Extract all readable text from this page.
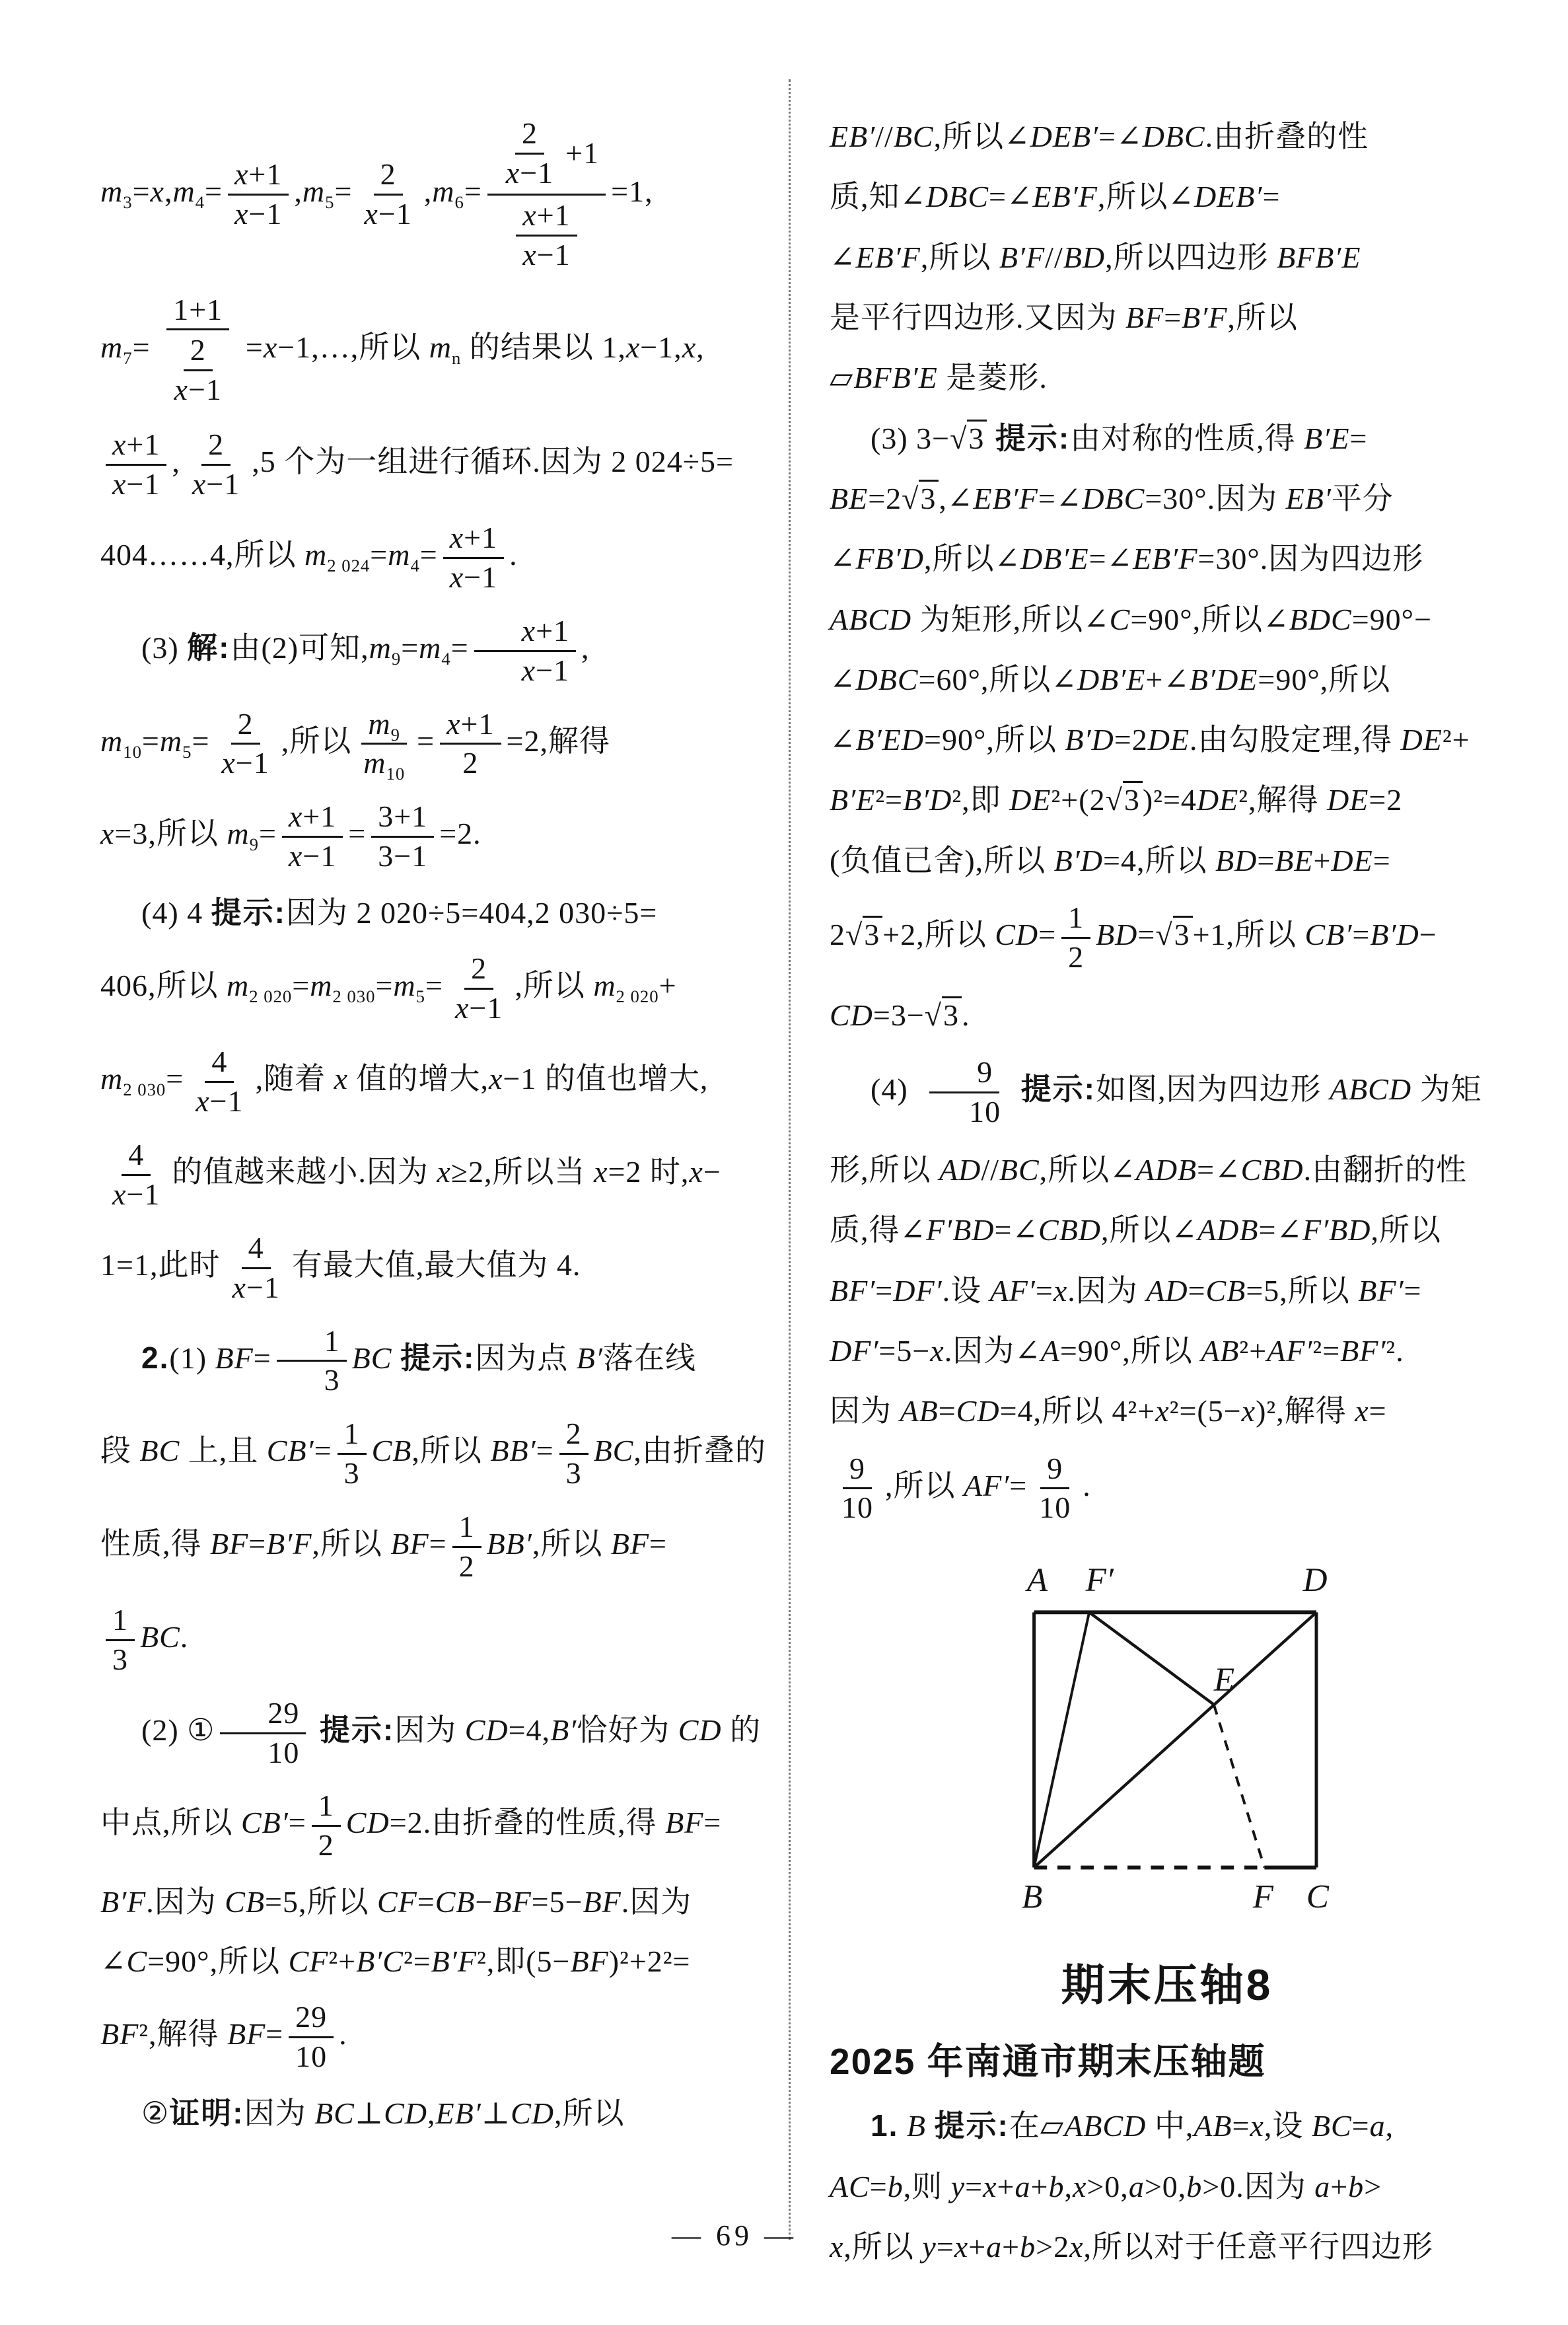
$m_3=x,m_4= \frac{x+1}{x-1} ,m_5= \frac{2}{x-1} ,m_6= \frac{\frac{2}{x-1} +1}{\frac{x+1}{x-1}} =1$,
$m_7= \frac{1+1}{\frac{2}{x-1}}$ =x−1,…,所以 $m_n$ 的结果以 1,x−1,x,
$\frac{x+1}{x-1}$ , $\frac{2}{x-1} ,5$ 个为一组进行循环.因为 2 024÷5=
404……4,所以 $m_{2 024}=m_4= \frac{x+1}{x-1}$ .
(3) 解:由(2)可知$,m_9=m_4= \frac{x+1}{x-1}$ ,
$m_{10}=m_5= \frac{2}{x-1}$ ,所以 $\frac{m_9}{m_{10}} = \frac{x+1}{2} =2$,解得
x=3,所以 $m_9= \frac{x+1}{x-1} = \frac{3+1}{3-1} =2$.
(4) 4 提示:因为 2 020÷5=404,2 030÷5=
406,所以 $m_{2 020}=m_{2 030}=m_5= \frac{2}{x-1}$ ,所以 $m_{2 020}+$
$m_{2 030}= \frac{4}{x-1}$ ,随着 x 值的增大,x−1 的值也增大,
$\frac{4}{x-1}$ 的值越来越小.因为 x≥2,所以当 x=2 时,x−
1=1,此时 $\frac{4}{x-1}$ 有最大值,最大值为 4.
2.(1) $BF= \frac{1}{3}$ BC 提示:因为点 B′落在线
段 BC 上,且 $CB'= \frac{1}{3}$ CB,所以 $BB'= \frac{2}{3}$ BC,由折叠的
性质,得 BF=B′F,所以 $BF= \frac{1}{2} BB'$,所以 BF=
$\frac{1}{3}$ BC.
(2) ① $\frac{29}{10}$ 提示:因为 CD=4,B′恰好为 CD 的
中点,所以 $CB'= \frac{1}{2} CD=2$.由折叠的性质,得 BF=
B′F.因为 CB=5,所以 CF=CB−BF=5−BF.因为
∠C=90°,所以 CF²+B′C²=B′F²,即(5−BF)²+2²=
BF²,解得 $BF= \frac{29}{10}$ .
②证明:因为 BC⊥CD,EB′⊥CD,所以
EB′//BC,所以∠DEB′=∠DBC.由折叠的性
质,知∠DBC=∠EB′F,所以∠DEB′=
∠EB′F,所以 B′F//BD,所以四边形 BFB′E
是平行四边形.又因为 BF=B′F,所以
▱BFB′E 是菱形.
(3) 3−√3 提示:由对称的性质,得 B′E=
BE=2√3,∠EB′F=∠DBC=30°.因为 EB′平分
∠FB′D,所以∠DB′E=∠EB′F=30°.因为四边形
ABCD 为矩形,所以∠C=90°,所以∠BDC=90°−
∠DBC=60°,所以∠DB′E+∠B′DE=90°,所以
∠B′ED=90°,所以 B′D=2DE.由勾股定理,得 DE²+
B′E²=B′D²,即 DE²+(2√3)²=4DE²,解得 DE=2
(负值已舍),所以 B′D=4,所以 BD=BE+DE=
2√3+2,所以 $CD= \frac{1}{2} BD=√3+1$,所以 CB′=B′D−
CD=3−√3.
$(4) \frac{9}{10}$ 提示:如图,因为四边形 ABCD 为矩
形,所以 AD//BC,所以∠ADB=∠CBD.由翻折的性
质,得∠F′BD=∠CBD,所以∠ADB=∠F′BD,所以
BF′=DF′.设 AF′=x.因为 AD=CB=5,所以 BF′=
DF′=5−x.因为∠A=90°,所以 AB²+AF′²=BF′².
因为 AB=CD=4,所以 4²+x²=(5−x)²,解得 x=
$\frac{9}{10}$ ,所以 $AF'= \frac{9}{10}$ .
A F′	D
E
B	F C
期末压轴8
2025 年南通市期末压轴题
1. B 提示:在▱ABCD 中,AB=x,设 BC=a,
AC=b,则 y=x+a+b,x>0,a>0,b>0.因为 a+b>
x,所以 y=x+a+b>2x,所以对于任意平行四边形
— 69 —
